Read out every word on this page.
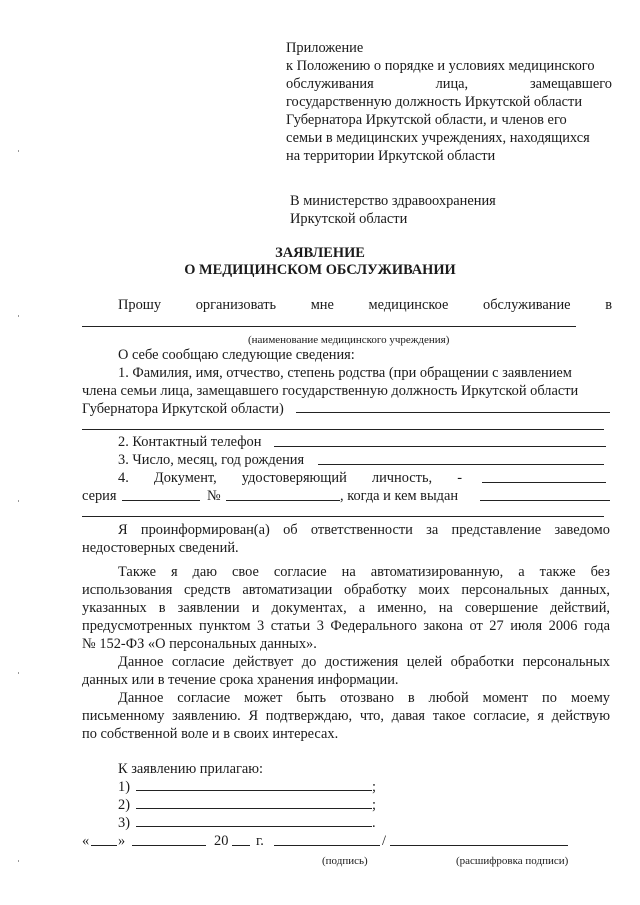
Приложение
к Положению о порядке и условиях медицинского
обслуживания лица, замещавшего
государственную должность Иркутской области
Губернатора Иркутской области, и членов его
семьи в медицинских учреждениях, находящихся
на территории Иркутской области
В министерство здравоохранения
Иркутской области
ЗАЯВЛЕНИЕ
О МЕДИЦИНСКОМ ОБСЛУЖИВАНИИ
Прошу организовать мне медицинское обслуживание в
(наименование медицинского учреждения)
О себе сообщаю следующие сведения:
1. Фамилия, имя, отчество, степень родства (при обращении с заявлением
члена семьи лица, замещавшего государственную должность Иркутской области
Губернатора Иркутской области)
2. Контактный телефон
3. Число, месяц, год рождения
4. Документ, удостоверяющий личность, -
серия	№	, когда и кем выдан
Я проинформирован(а) об ответственности за представление заведомо
недостоверных сведений.
Также я даю свое согласие на автоматизированную, а также без
использования средств автоматизации обработку моих персональных данных,
указанных в заявлении и документах, а именно, на совершение действий,
предусмотренных пунктом 3 статьи 3 Федерального закона от 27 июля 2006 года
№ 152-ФЗ «О персональных данных».
Данное согласие действует до достижения целей обработки персональных
данных или в течение срока хранения информации.
Данное согласие может быть отозвано в любой момент по моему
письменному заявлению. Я подтверждаю, что, давая такое согласие, я действую
по собственной воле и в своих интересах.
К заявлению прилагаю:
1)	;
2)	;
3)	.
« »	20 г.	/
(подпись)	(расшифровка подписи)
